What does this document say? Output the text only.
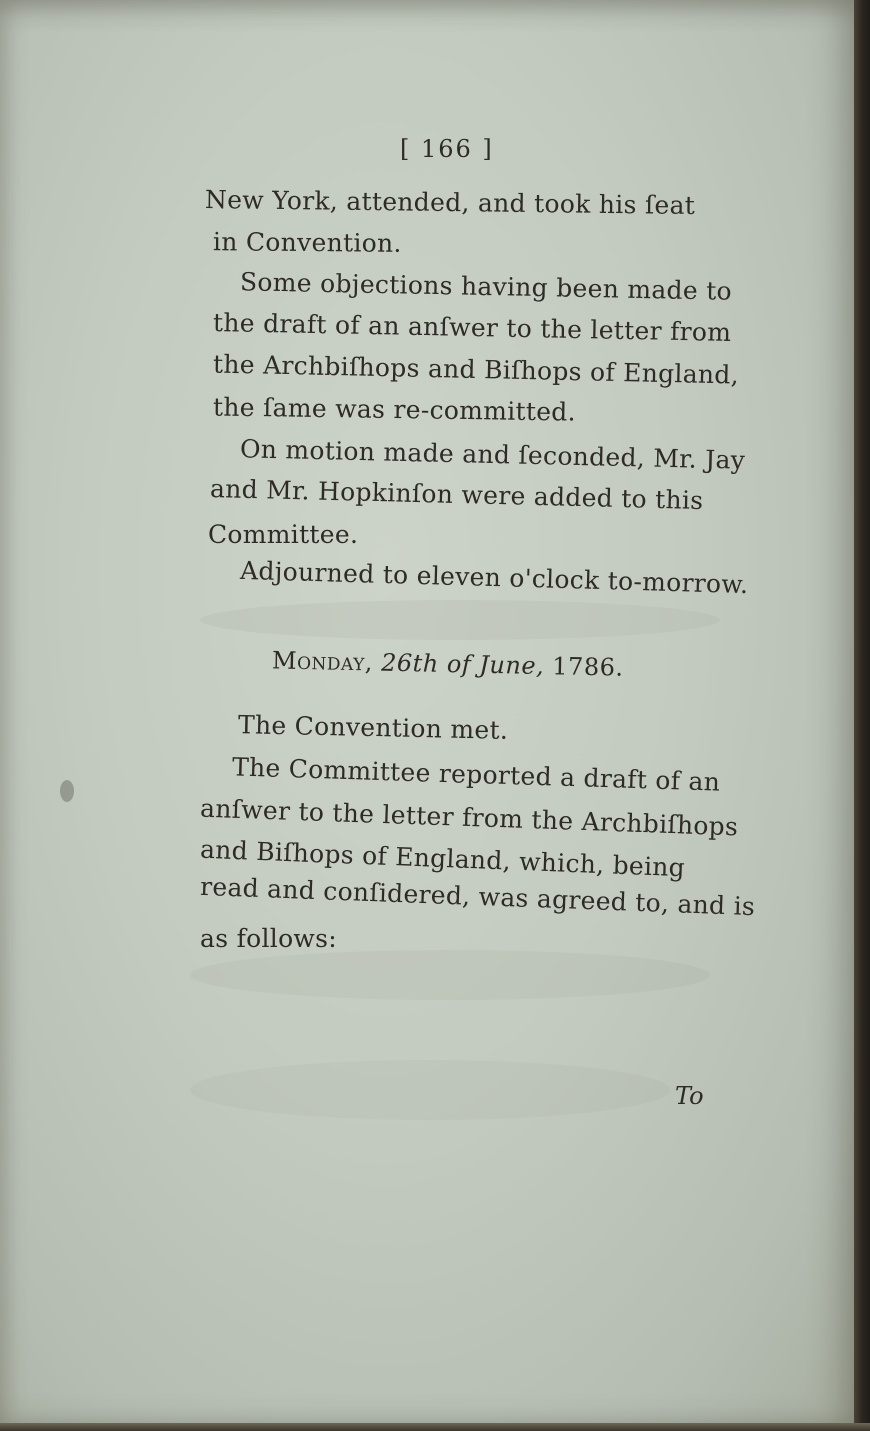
[ 166 ]
New York, attended, and took his ſeat
in Convention.
Some objections having been made to
the draft of an anſwer to the letter from
the Archbiſhops and Biſhops of England,
the ſame was re-committed.
On motion made and ſeconded, Mr. Jay
and Mr. Hopkinſon were added to this
Committee.
Adjourned to eleven o'clock to-morrow.
Monday, 26th of June, 1786.
The Convention met.
The Committee reported a draft of an
anſwer to the letter from the Archbiſhops
and Biſhops of England, which, being
read and conſidered, was agreed to, and is
as follows:
To
